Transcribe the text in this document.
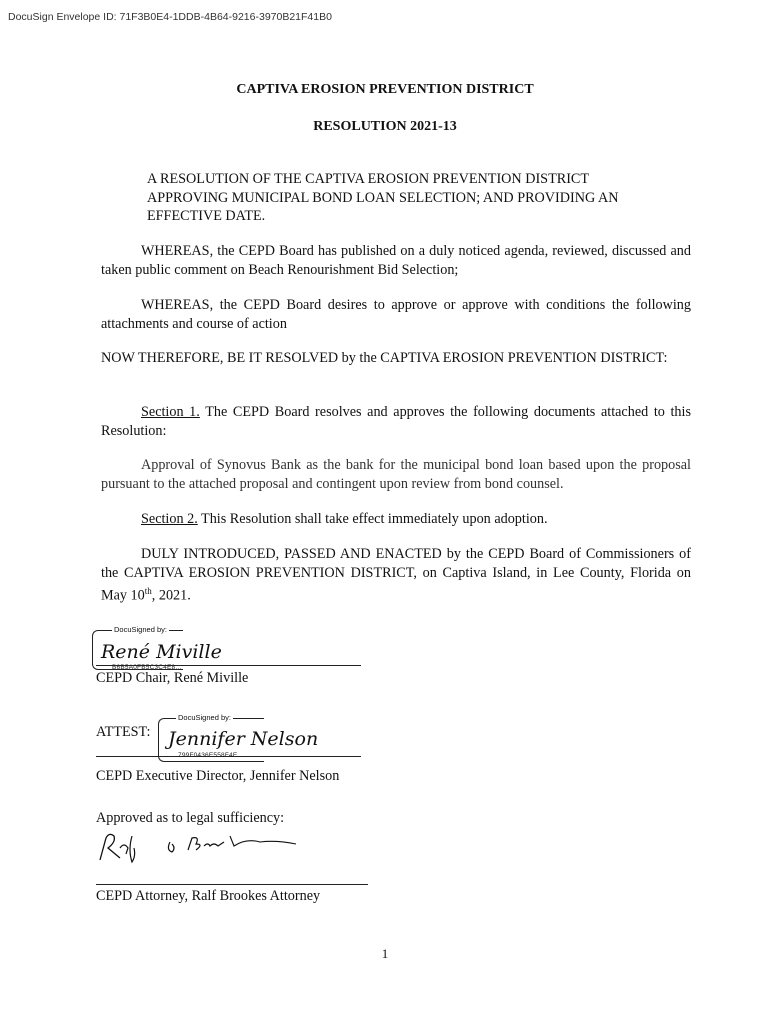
DocuSign Envelope ID: 71F3B0E4-1DDB-4B64-9216-3970B21F41B0
CAPTIVA EROSION PREVENTION DISTRICT
RESOLUTION 2021-13
A RESOLUTION OF THE CAPTIVA EROSION PREVENTION DISTRICT APPROVING MUNICIPAL BOND LOAN SELECTION; AND PROVIDING AN EFFECTIVE DATE.
WHEREAS, the CEPD Board has published on a duly noticed agenda, reviewed, discussed and taken public comment on Beach Renourishment Bid Selection;
WHEREAS, the CEPD Board desires to approve or approve with conditions the following attachments and course of action
NOW THEREFORE, BE IT RESOLVED by the CAPTIVA EROSION PREVENTION DISTRICT:
Section 1. The CEPD Board resolves and approves the following documents attached to this Resolution:
Approval of Synovus Bank as the bank for the municipal bond loan based upon the proposal pursuant to the attached proposal and contingent upon review from bond counsel.
Section 2. This Resolution shall take effect immediately upon adoption.
DULY INTRODUCED, PASSED AND ENACTED by the CEPD Board of Commissioners of the CAPTIVA EROSION PREVENTION DISTRICT, on Captiva Island, in Lee County, Florida on May 10th, 2021.
DocuSigned by:
René Miville
B6B5A0FB5C3C4E8...
CEPD Chair, René Miville
ATTEST:
DocuSigned by:
Jennifer Nelson
799F0436E558F4E...
CEPD Executive Director, Jennifer Nelson
Approved as to legal sufficiency:
CEPD Attorney, Ralf Brookes Attorney
1
